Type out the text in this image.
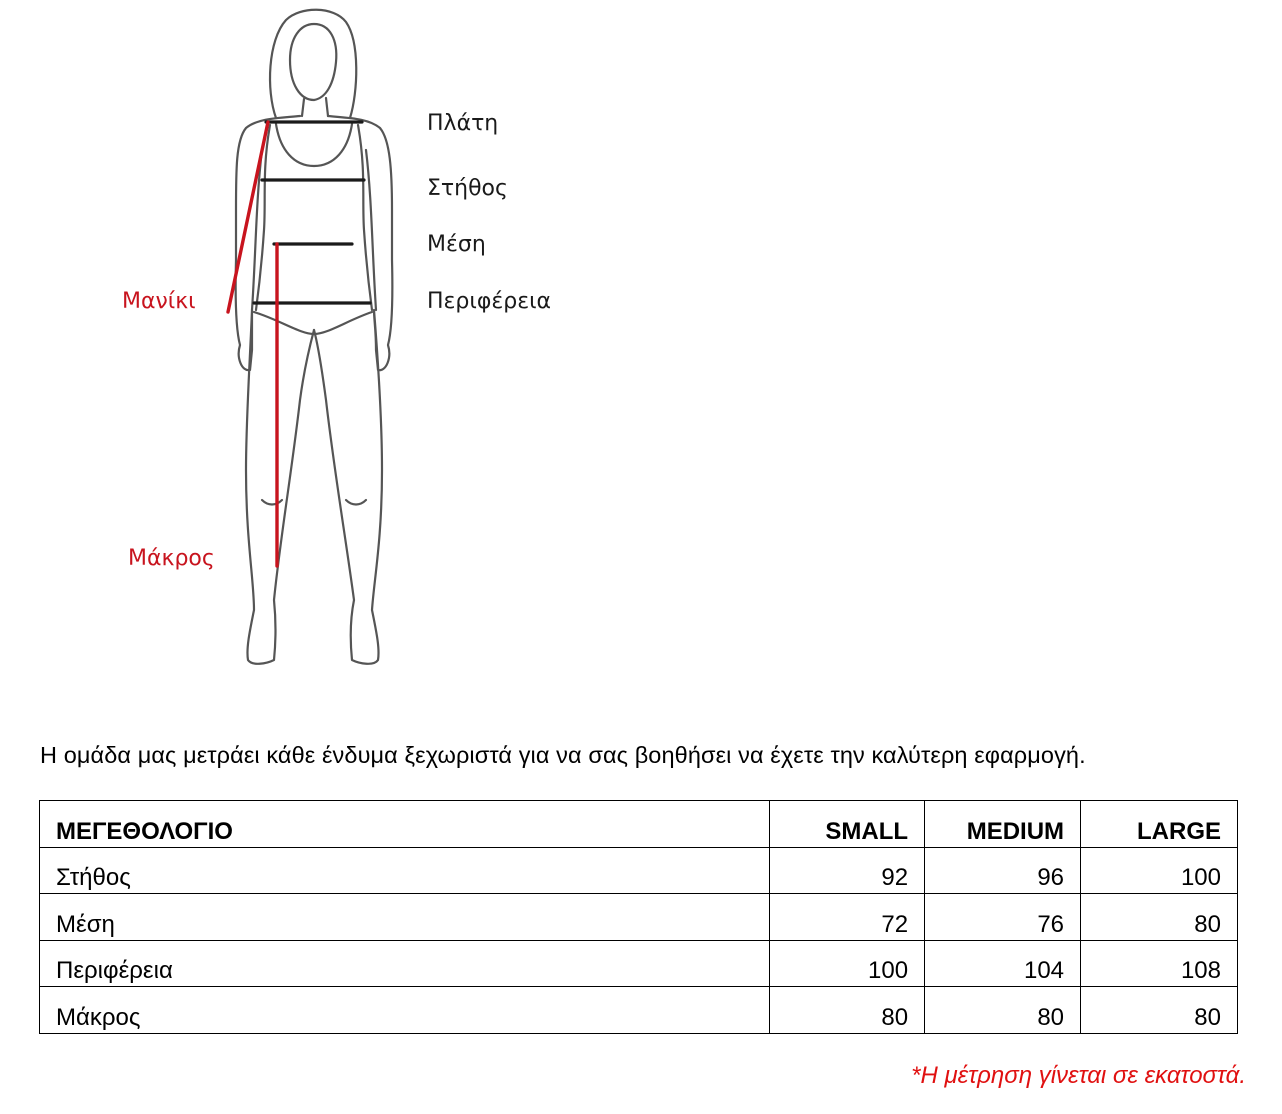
Πλάτη
Στήθος
Μέση
Περιφέρεια
Μανίκι
Μάκρος
Η ομάδα μας μετράει κάθε ένδυμα ξεχωριστά για να σας βοηθήσει να έχετε την καλύτερη εφαρμογή.
ΜΕΓΕΘΟΛΟΓΙΟ	SMALL	MEDIUM	LARGE
Στήθος	92	96	100
Μέση	72	76	80
Περιφέρεια	100	104	108
Μάκρος	80	80	80
*Η μέτρηση γίνεται σε εκατοστά.
